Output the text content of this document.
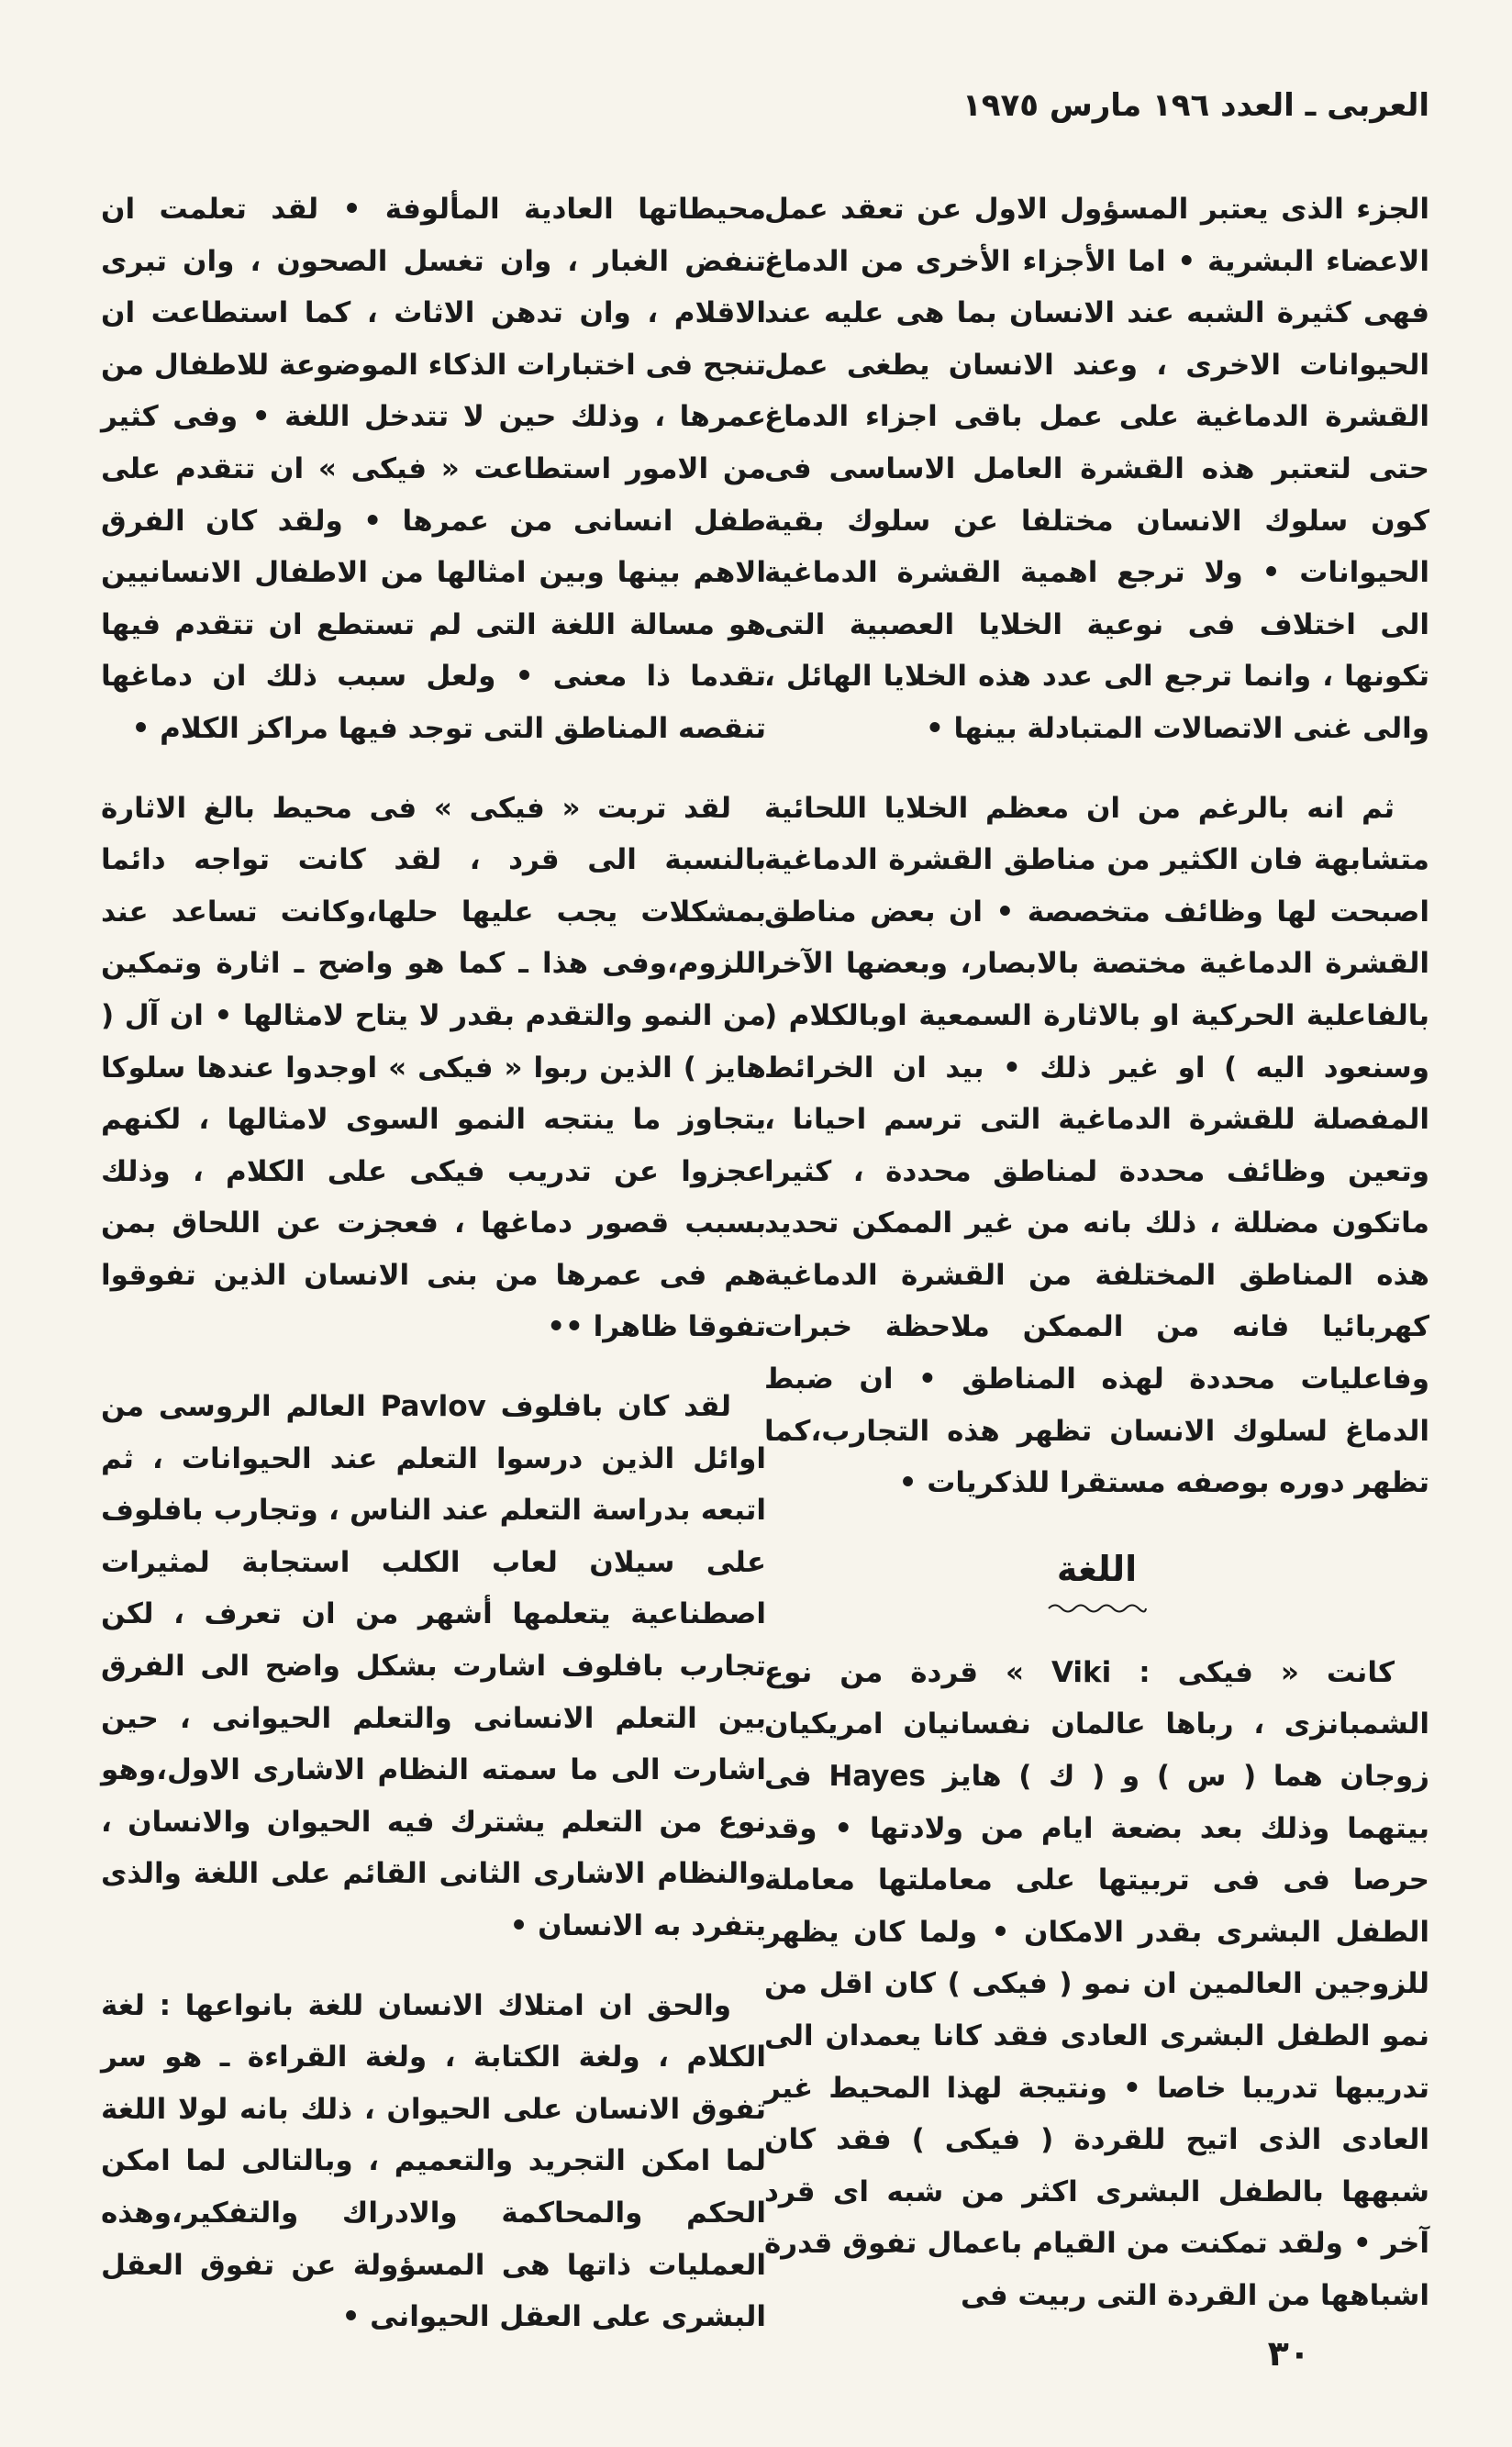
العربى ـ العدد ١٩٦ مارس ١٩٧٥

الجزء الذى يعتبر المسؤول الاول عن تعقد عمل الاعضاء البشرية • اما الأجزاء الأخرى من الدماغ فهى كثيرة الشبه عند الانسان بما هى عليه عند الحيوانات الاخرى ، وعند الانسان يطغى عمل القشرة الدماغية على عمل باقى اجزاء الدماغ حتى لتعتبر هذه القشرة العامل الاساسى فى كون سلوك الانسان مختلفا عن سلوك بقية الحيوانات • ولا ترجع اهمية القشرة الدماغية الى اختلاف فى نوعية الخلايا العصبية التى تكونها ، وانما ترجع الى عدد هذه الخلايا الهائل ، والى غنى الاتصالات المتبادلة بينها •

ثم انه بالرغم من ان معظم الخلايا اللحائية متشابهة فان الكثير من مناطق القشرة الدماغية اصبحت لها وظائف متخصصة • ان بعض مناطق القشرة الدماغية مختصة بالابصار، وبعضها الآخر بالفاعلية الحركية او بالاثارة السمعية اوبالكلام ( وسنعود اليه ) او غير ذلك • بيد ان الخرائط المفصلة للقشرة الدماغية التى ترسم احيانا ، وتعين وظائف محددة لمناطق محددة ، كثيرا ماتكون مضللة ، ذلك بانه من غير الممكن تحديد هذه المناطق المختلفة من القشرة الدماغية كهربائيا فانه من الممكن ملاحظة خبرات وفاعليات محددة لهذه المناطق • ان ضبط الدماغ لسلوك الانسان تظهر هذه التجارب،كما تظهر دوره بوصفه مستقرا للذكريات •

اللغة

كانت « فيكى : Viki » قردة من نوع الشمبانزى ، رباها عالمان نفسانيان امريكيان زوجان هما ( س ) و ( ك ) هايز Hayes فى بيتهما وذلك بعد بضعة ايام من ولادتها • وقد حرصا فى فى تربيتها على معاملتها معاملة الطفل البشرى بقدر الامكان • ولما كان يظهر للزوجين العالمين ان نمو ( فيكى ) كان اقل من نمو الطفل البشرى العادى فقد كانا يعمدان الى تدريبها تدريبا خاصا • ونتيجة لهذا المحيط غير العادى الذى اتيح للقردة ( فيكى ) فقد كان شبهها بالطفل البشرى اكثر من شبه اى قرد آخر • ولقد تمكنت من القيام باعمال تفوق قدرة اشباهها من القردة التى ربيت فى

محيطاتها العادية المألوفة • لقد تعلمت ان تنفض الغبار ، وان تغسل الصحون ، وان تبرى الاقلام ، وان تدهن الاثاث ، كما استطاعت ان تنجح فى اختبارات الذكاء الموضوعة للاطفال من عمرها ، وذلك حين لا تتدخل اللغة • وفى كثير من الامور استطاعت « فيكى » ان تتقدم على طفل انسانى من عمرها • ولقد كان الفرق الاهم بينها وبين امثالها من الاطفال الانسانيين هو مسالة اللغة التى لم تستطع ان تتقدم فيها تقدما ذا معنى • ولعل سبب ذلك ان دماغها تنقصه المناطق التى توجد فيها مراكز الكلام •

لقد تربت « فيكى » فى محيط بالغ الاثارة بالنسبة الى قرد ، لقد كانت تواجه دائما بمشكلات يجب عليها حلها،وكانت تساعد عند اللزوم،وفى هذا ـ كما هو واضح ـ اثارة وتمكين من النمو والتقدم بقدر لا يتاح لامثالها • ان آل ( هايز ) الذين ربوا « فيكى » اوجدوا عندها سلوكا يتجاوز ما ينتجه النمو السوى لامثالها ، لكنهم عجزوا عن تدريب فيكى على الكلام ، وذلك بسبب قصور دماغها ، فعجزت عن اللحاق بمن هم فى عمرها من بنى الانسان الذين تفوقوا تفوقا ظاهرا ••

لقد كان بافلوف Pavlov العالم الروسى من اوائل الذين درسوا التعلم عند الحيوانات ، ثم اتبعه بدراسة التعلم عند الناس ، وتجارب بافلوف على سيلان لعاب الكلب استجابة لمثيرات اصطناعية يتعلمها أشهر من ان تعرف ، لكن تجارب بافلوف اشارت بشكل واضح الى الفرق بين التعلم الانسانى والتعلم الحيوانى ، حين اشارت الى ما سمته النظام الاشارى الاول،وهو نوع من التعلم يشترك فيه الحيوان والانسان ، والنظام الاشارى الثانى القائم على اللغة والذى يتفرد به الانسان •

والحق ان امتلاك الانسان للغة بانواعها : لغة الكلام ، ولغة الكتابة ، ولغة القراءة ـ هو سر تفوق الانسان على الحيوان ، ذلك بانه لولا اللغة لما امكن التجريد والتعميم ، وبالتالى لما امكن الحكم والمحاكمة والادراك والتفكير،وهذه العمليات ذاتها هى المسؤولة عن تفوق العقل البشرى على العقل الحيوانى •

٣٠
